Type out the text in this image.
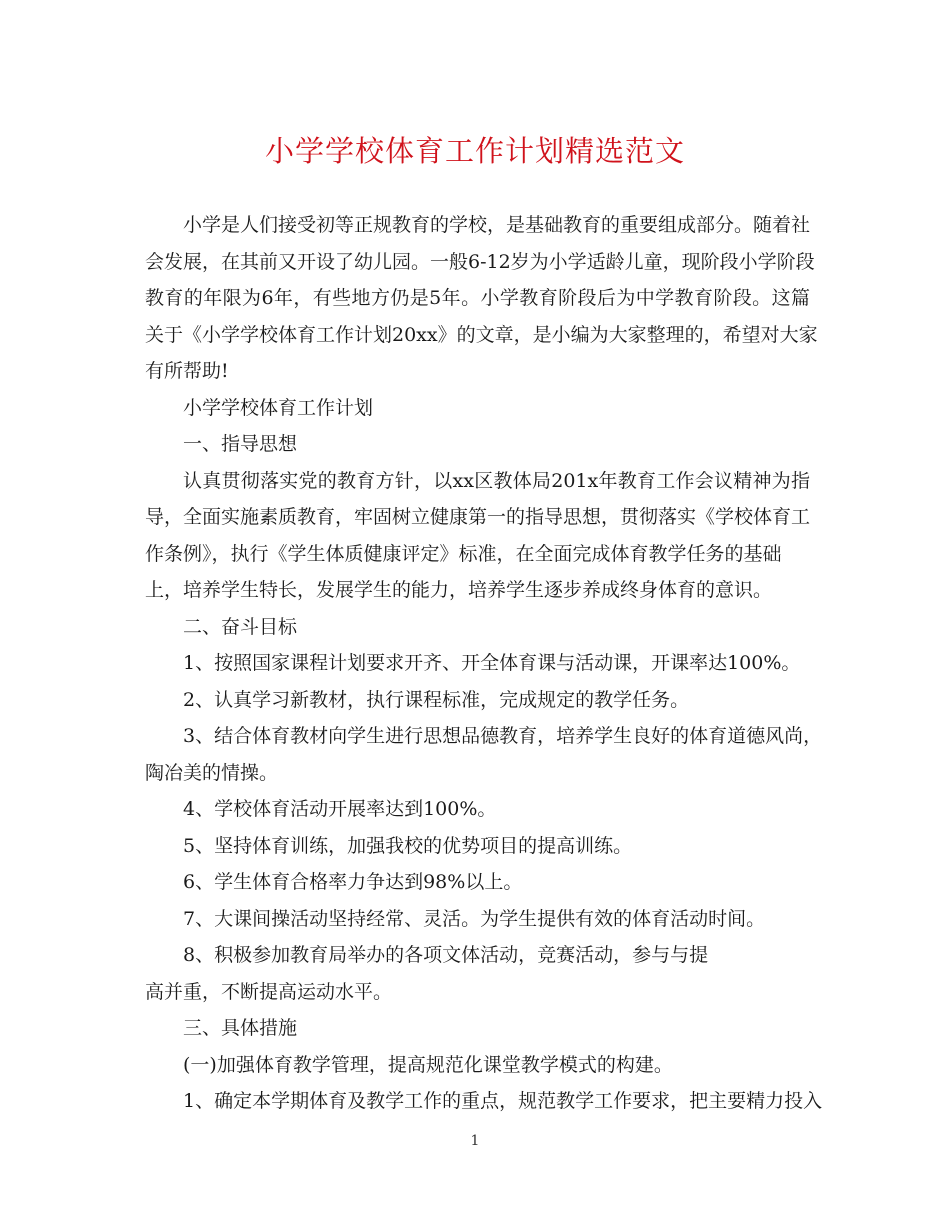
小学学校体育工作计划精选范文
小学是人们接受初等正规教育的学校，是基础教育的重要组成部分。随着社
会发展，在其前又开设了幼儿园。一般6-12岁为小学适龄儿童，现阶段小学阶段
教育的年限为6年，有些地方仍是5年。小学教育阶段后为中学教育阶段。这篇
关于《小学学校体育工作计划20xx》的文章，是小编为大家整理的，希望对大家
有所帮助!
小学学校体育工作计划
一、指导思想
认真贯彻落实党的教育方针，以xx区教体局201x年教育工作会议精神为指
导，全面实施素质教育，牢固树立健康第一的指导思想，贯彻落实《学校体育工
作条例》，执行《学生体质健康评定》标准，在全面完成体育教学任务的基础
上，培养学生特长，发展学生的能力，培养学生逐步养成终身体育的意识。
二、奋斗目标
1、按照国家课程计划要求开齐、开全体育课与活动课，开课率达100%。
2、认真学习新教材，执行课程标准，完成规定的教学任务。
3、结合体育教材向学生进行思想品德教育，培养学生良好的体育道德风尚，
陶冶美的情操。
4、学校体育活动开展率达到100%。
5、坚持体育训练，加强我校的优势项目的提高训练。
6、学生体育合格率力争达到98%以上。
7、大课间操活动坚持经常、灵活。为学生提供有效的体育活动时间。
8、积极参加教育局举办的各项文体活动，竞赛活动，参与与提
高并重，不断提高运动水平。
三、具体措施
(一)加强体育教学管理，提高规范化课堂教学模式的构建。
1、确定本学期体育及教学工作的重点，规范教学工作要求，把主要精力投入
1
